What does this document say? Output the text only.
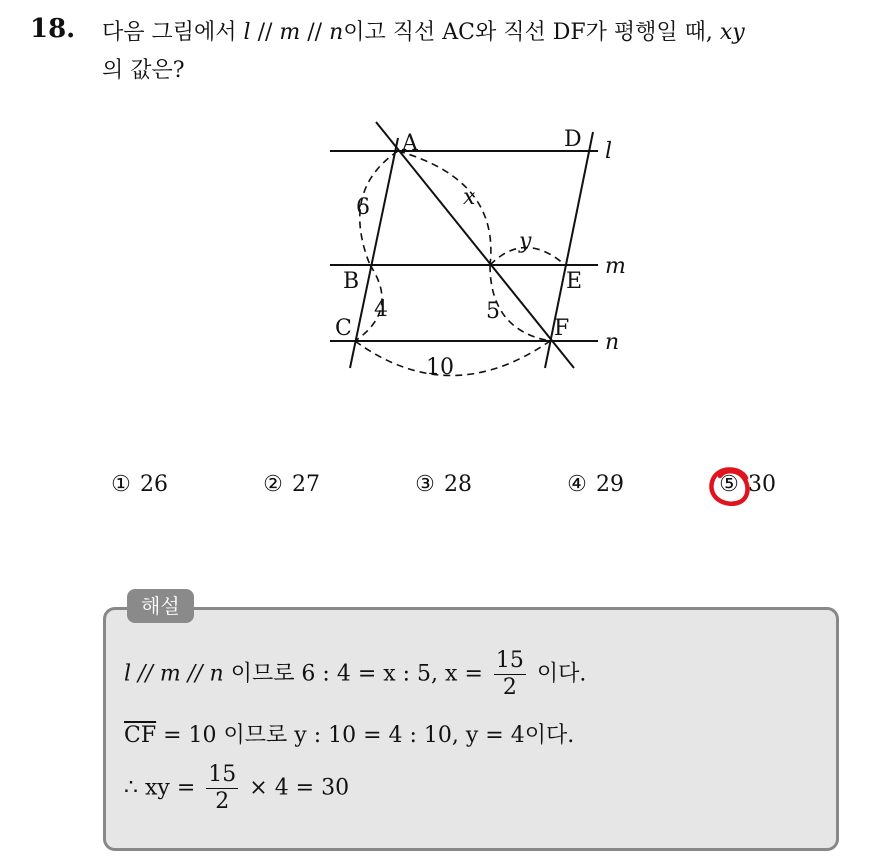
18. 다음 그림에서 l // m // n이고 직선 AC와 직선 DF가 평행일 때, xy
의 값은?
A	D
B	E
C	F
l
m
n
6
4
x
5
y
10
① 26	② 27	③ 28	④ 29	⑤ 30
해설
l // m // n 이므로 6 : 4 = x : 5, $x = \frac{15}{2}$ 이다.
$\overline{CF} = 10$ 이므로 y : 10 = 4 : 10, y = 4이다.
∴ xy = $\frac{15}{2} \times 4 = 30$
